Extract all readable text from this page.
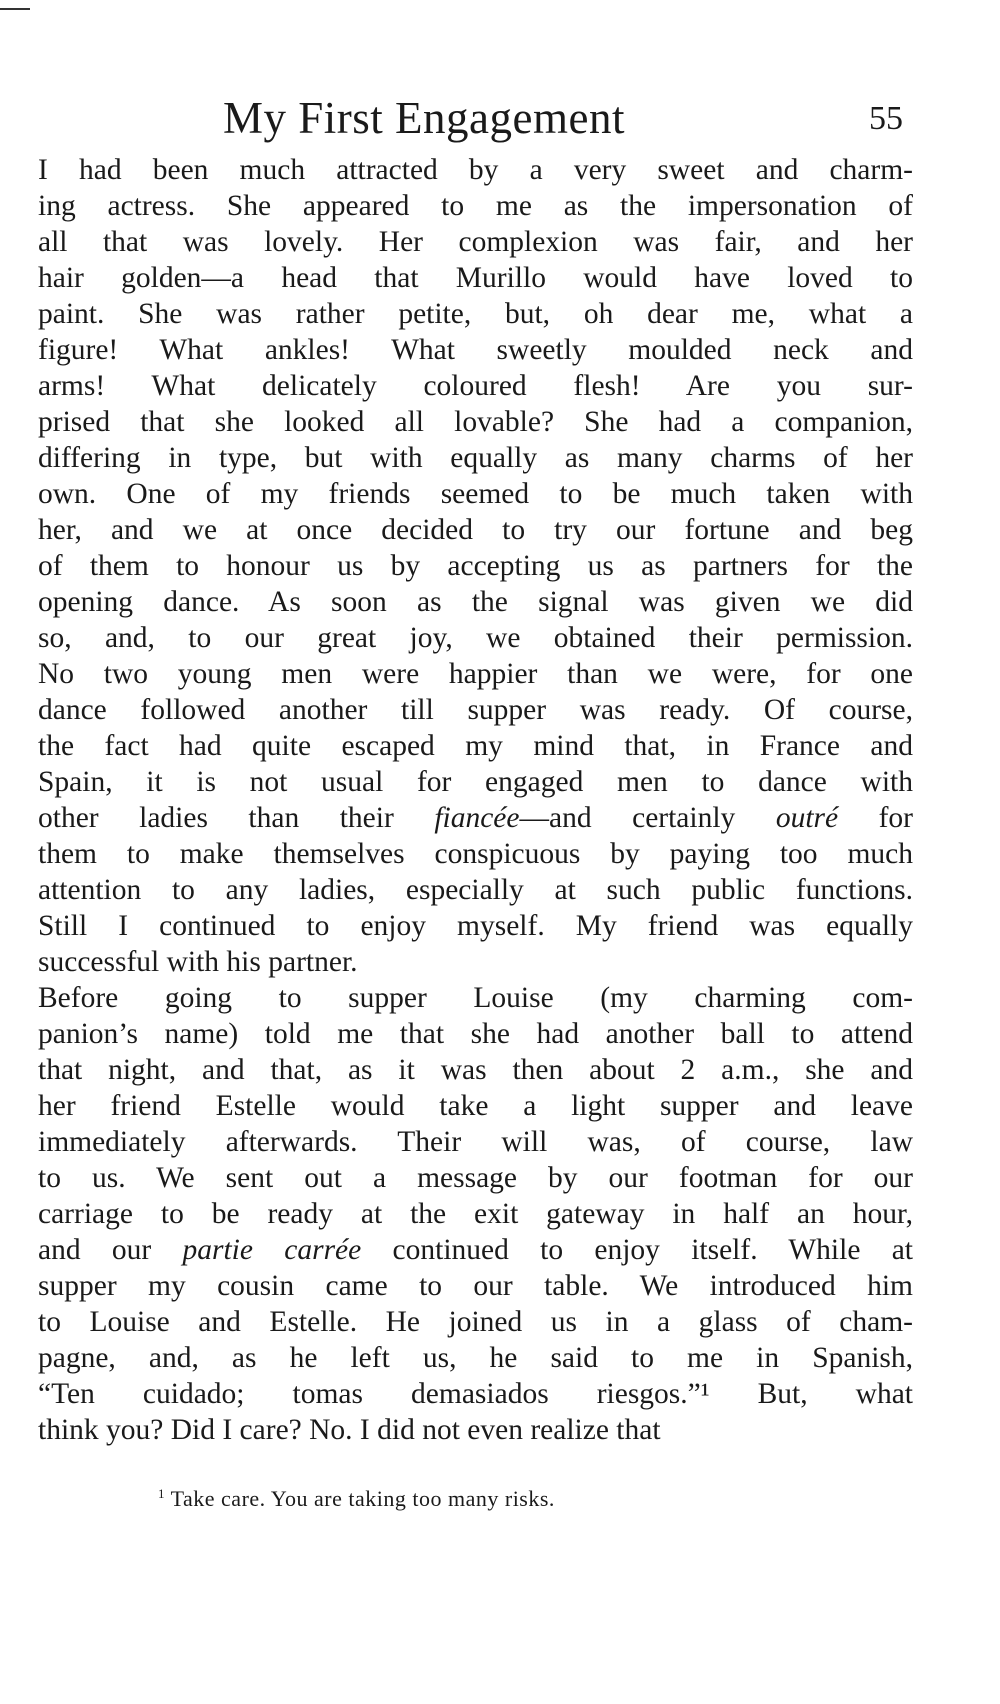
My First Engagement	55
I had been much attracted by a very sweet and charm-
ing actress. She appeared to me as the impersonation of
all that was lovely. Her complexion was fair, and her
hair golden—a head that Murillo would have loved to
paint. She was rather petite, but, oh dear me, what a
figure! What ankles! What sweetly moulded neck and
arms! What delicately coloured flesh! Are you sur-
prised that she looked all lovable? She had a companion,
differing in type, but with equally as many charms of her
own. One of my friends seemed to be much taken with
her, and we at once decided to try our fortune and beg
of them to honour us by accepting us as partners for the
opening dance. As soon as the signal was given we did
so, and, to our great joy, we obtained their permission.
No two young men were happier than we were, for one
dance followed another till supper was ready. Of course,
the fact had quite escaped my mind that, in France and
Spain, it is not usual for engaged men to dance with
other ladies than their fiancée—and certainly outré for
them to make themselves conspicuous by paying too much
attention to any ladies, especially at such public functions.
Still I continued to enjoy myself. My friend was equally
successful with his partner.
Before going to supper Louise (my charming com-
panion’s name) told me that she had another ball to attend
that night, and that, as it was then about 2 a.m., she and
her friend Estelle would take a light supper and leave
immediately afterwards. Their will was, of course, law
to us. We sent out a message by our footman for our
carriage to be ready at the exit gateway in half an hour,
and our partie carrée continued to enjoy itself. While at
supper my cousin came to our table. We introduced him
to Louise and Estelle. He joined us in a glass of cham-
pagne, and, as he left us, he said to me in Spanish,
“Ten cuidado; tomas demasiados riesgos.”¹ But, what
think you? Did I care? No. I did not even realize that
$^1$ Take care. You are taking too many risks.
